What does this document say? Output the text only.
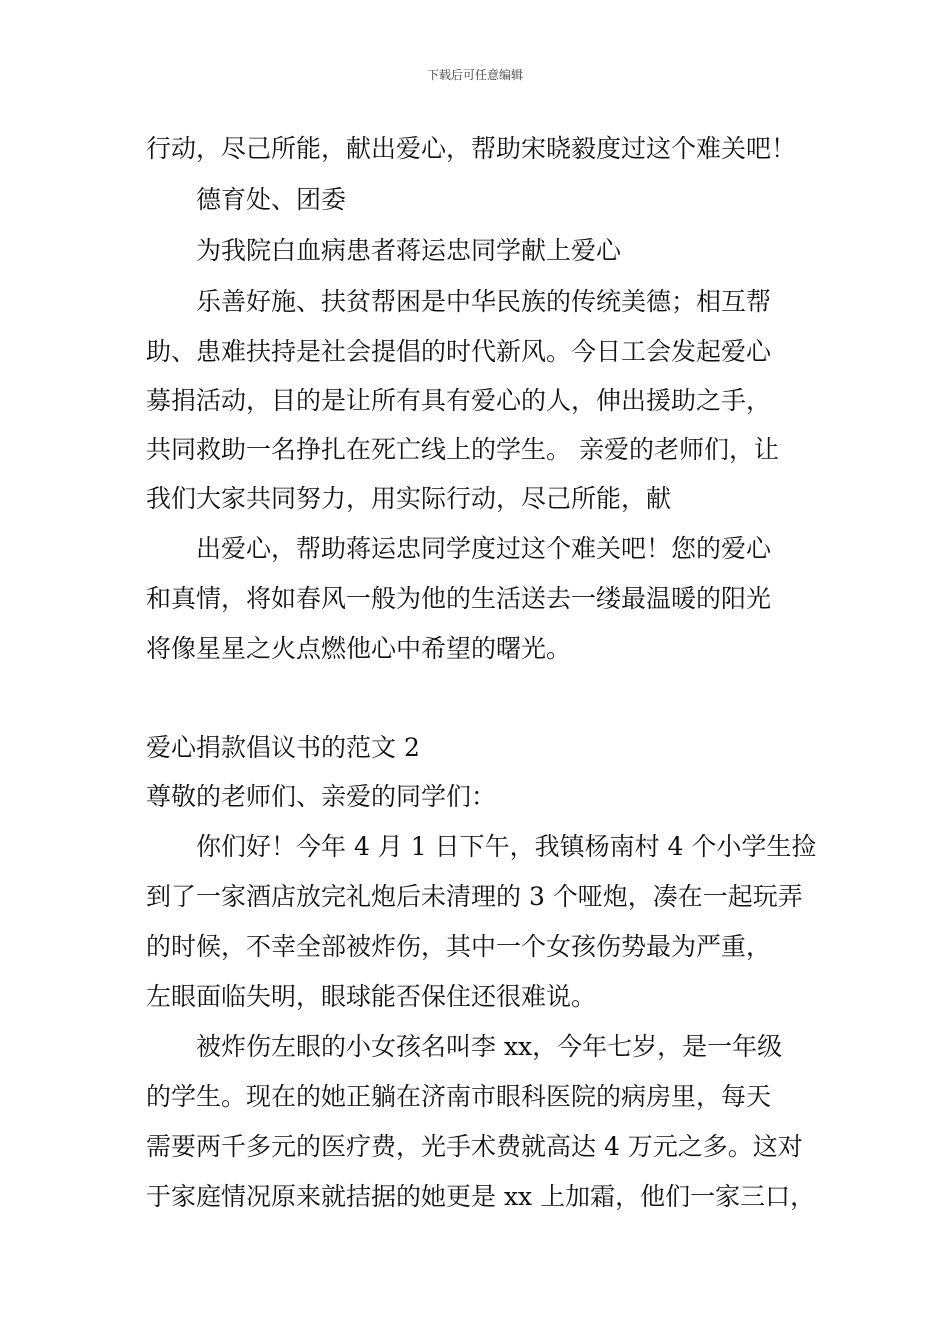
下载后可任意编辑
行动，尽己所能，献出爱心，帮助宋晓毅度过这个难关吧！
德育处、团委
为我院白血病患者蒋运忠同学献上爱心
乐善好施、扶贫帮困是中华民族的传统美德；相互帮
助、患难扶持是社会提倡的时代新风。今日工会发起爱心
募捐活动，目的是让所有具有爱心的人，伸出援助之手，
共同救助一名挣扎在死亡线上的学生。 亲爱的老师们，让
我们大家共同努力，用实际行动，尽己所能，献
出爱心，帮助蒋运忠同学度过这个难关吧！您的爱心
和真情，将如春风一般为他的生活送去一缕最温暖的阳光
将像星星之火点燃他心中希望的曙光。
爱心捐款倡议书的范文 2
尊敬的老师们、亲爱的同学们：
你们好！今年 4 月 1 日下午，我镇杨南村 4 个小学生捡
到了一家酒店放完礼炮后未清理的 3 个哑炮，凑在一起玩弄
的时候，不幸全部被炸伤，其中一个女孩伤势最为严重，
左眼面临失明，眼球能否保住还很难说。
被炸伤左眼的小女孩名叫李 xx，今年七岁，是一年级
的学生。现在的她正躺在济南市眼科医院的病房里，每天
需要两千多元的医疗费，光手术费就高达 4 万元之多。这对
于家庭情况原来就拮据的她更是 xx 上加霜，他们一家三口，
